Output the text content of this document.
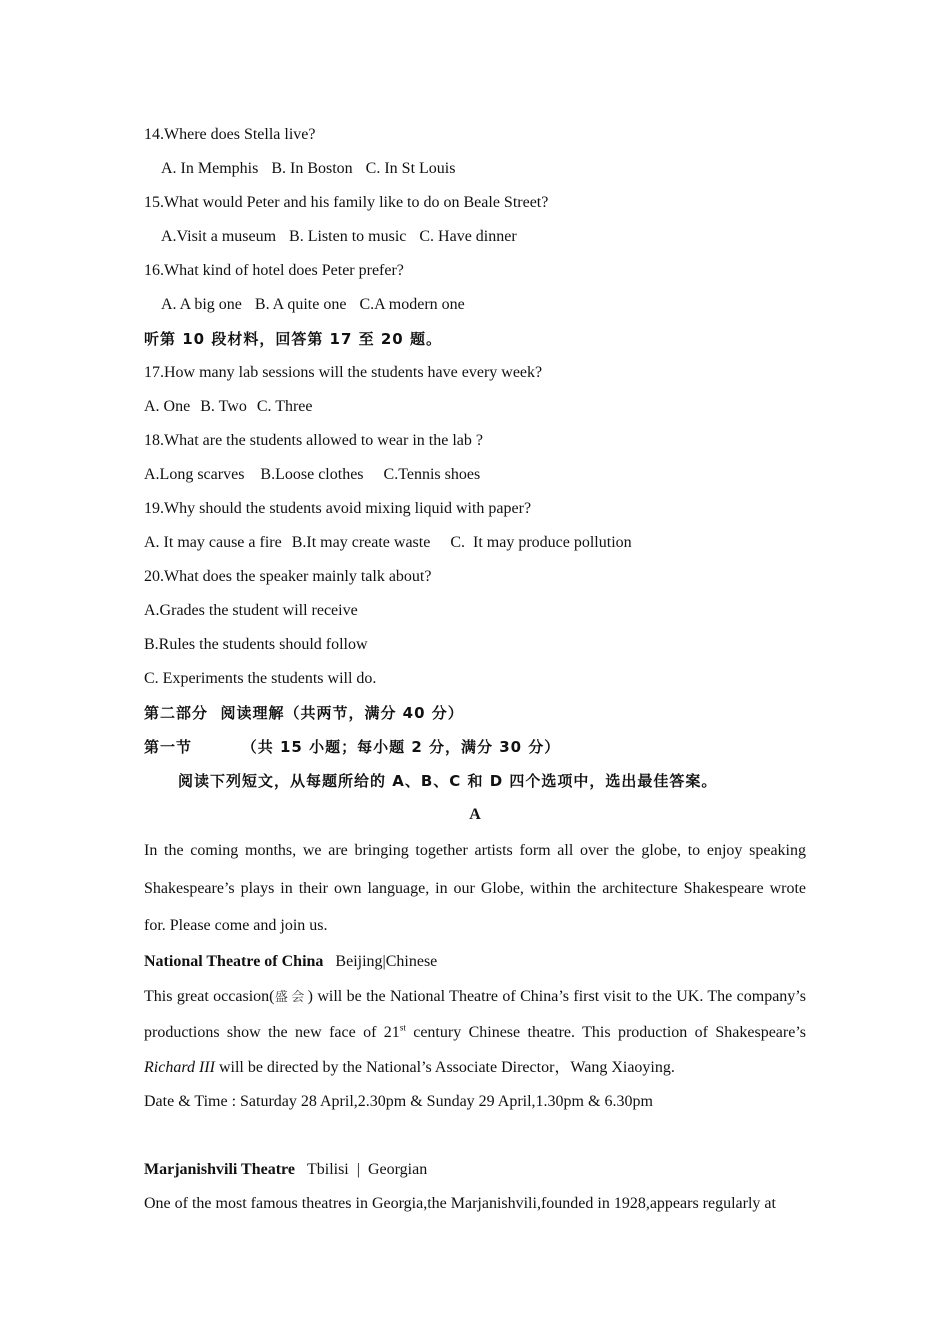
14.Where does Stella live?
A. In Memphis B. In Boston C. In St Louis
15.What would Peter and his family like to do on Beale Street?
A.Visit a museum B. Listen to music C. Have dinner
16.What kind of hotel does Peter prefer?
A. A big one B. A quite one C.A modern one
听第 10 段材料，回答第 17 至 20 题。
17.How many lab sessions will the students have every week?
A. One B. Two C. Three
18.What are the students allowed to wear in the lab ?
A.Long scarves B.Loose clothes C.Tennis shoes
19.Why should the students avoid mixing liquid with paper?
A. It may cause a fire B.It may create waste C.  It may produce pollution
20.What does the speaker mainly talk about?
A.Grades the student will receive
B.Rules the students should follow
C. Experiments the students will do.
第二部分  阅读理解（共两节，满分 40 分）
第一节        （共 15 小题；每小题 2 分，满分 30 分）
阅读下列短文，从每题所给的 A、B、C 和 D 四个选项中，选出最佳答案。
A
In the coming months, we are bringing together artists form all over the globe, to enjoy speaking Shakespeare’s plays in their own language, in our Globe, within the architecture Shakespeare wrote for. Please come and join us.
National Theatre of China Beijing|Chinese
This great occasion(盛会) will be the National Theatre of China’s first visit to the UK. The company’s productions show the new face of 21st century Chinese theatre. This production of Shakespeare’s Richard III will be directed by the National’s Associate Director，Wang Xiaoying.
Date & Time : Saturday 28 April,2.30pm & Sunday 29 April,1.30pm & 6.30pm
Marjanishvili Theatre Tbilisi  |  Georgian
One of the most famous theatres in Georgia,the Marjanishvili,founded in 1928,appears regularly at
